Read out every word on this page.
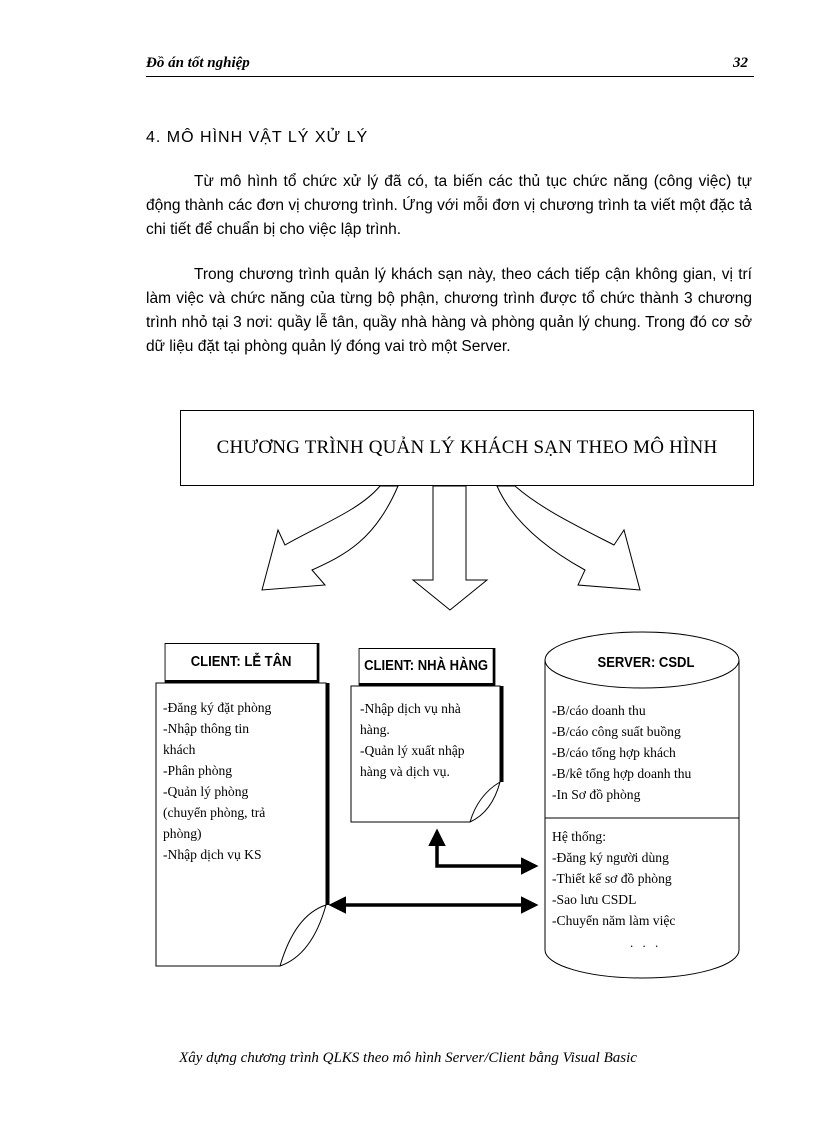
Đồ án tốt nghiệp	32
4. MÔ HÌNH VẬT LÝ XỬ LÝ

Từ mô hình tổ chức xử lý đã có, ta biến các thủ tục chức năng (công việc) tự động thành các đơn vị chương trình. Ứng với mỗi đơn vị chương trình ta viết một đặc tả chi tiết để chuẩn bị cho việc lập trình.

Trong chương trình quản lý khách sạn này, theo cách tiếp cận không gian, vị trí làm việc và chức năng của từng bộ phận, chương trình được tổ chức thành 3 chương trình nhỏ tại 3 nơi: quầy lễ tân, quầy nhà hàng và phòng quản lý chung. Trong đó cơ sở dữ liệu đặt tại phòng quản lý đóng vai trò một Server.

CHƯƠNG TRÌNH QUẢN LÝ KHÁCH SẠN THEO MÔ HÌNH
CLIENT: LỄ TÂN
-Đăng ký đặt phòng
-Nhập thông tin
khách
-Phân phòng
-Quản lý phòng
(chuyển phòng, trả
phòng)
-Nhập dịch vụ KS
CLIENT: NHÀ HÀNG
-Nhập dịch vụ nhà
hàng.
-Quản lý xuất nhập
hàng và dịch vụ.
SERVER: CSDL
-B/cáo doanh thu
-B/cáo công suất buồng
-B/cáo tổng hợp khách
-B/kê tổng hợp doanh thu
-In Sơ đồ phòng
Hệ thống:
-Đăng ký người dùng
-Thiết kế sơ đồ phòng
-Sao lưu CSDL
-Chuyển năm làm việc
. . .
Xây dựng chương trình QLKS theo mô hình Server/Client bằng Visual Basic
